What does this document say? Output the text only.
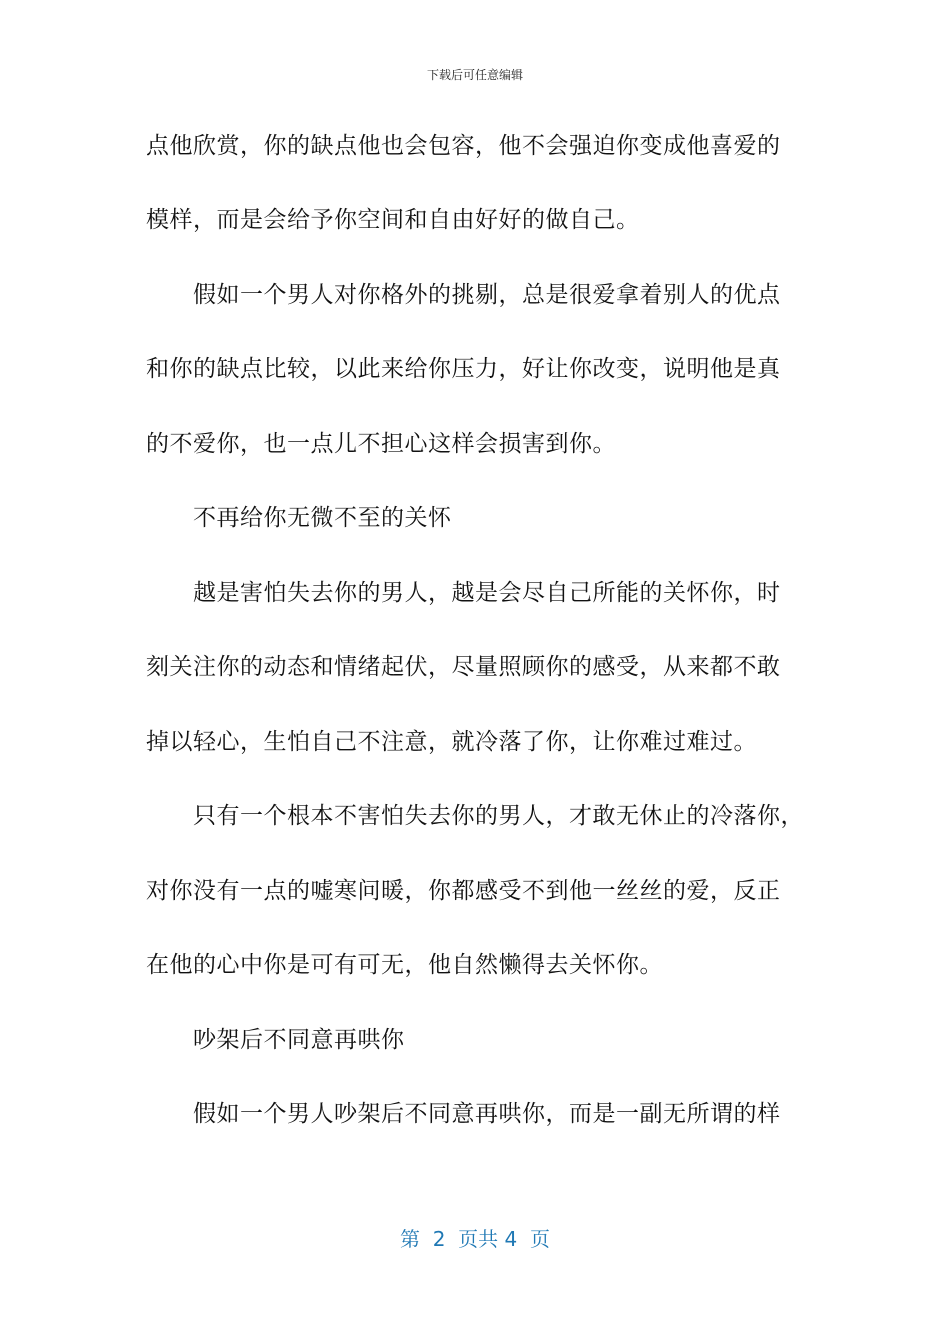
下载后可任意编辑
点他欣赏，你的缺点他也会包容，他不会强迫你变成他喜爱的
模样，而是会给予你空间和自由好好的做自己。
假如一个男人对你格外的挑剔，总是很爱拿着别人的优点
和你的缺点比较，以此来给你压力，好让你改变，说明他是真
的不爱你，也一点儿不担心这样会损害到你。
不再给你无微不至的关怀
越是害怕失去你的男人，越是会尽自己所能的关怀你，时
刻关注你的动态和情绪起伏，尽量照顾你的感受，从来都不敢
掉以轻心，生怕自己不注意，就冷落了你，让你难过难过。
只有一个根本不害怕失去你的男人，才敢无休止的冷落你，
对你没有一点的嘘寒问暖，你都感受不到他一丝丝的爱，反正
在他的心中你是可有可无，他自然懒得去关怀你。
吵架后不同意再哄你
假如一个男人吵架后不同意再哄你，而是一副无所谓的样
第  2  页共 4  页
